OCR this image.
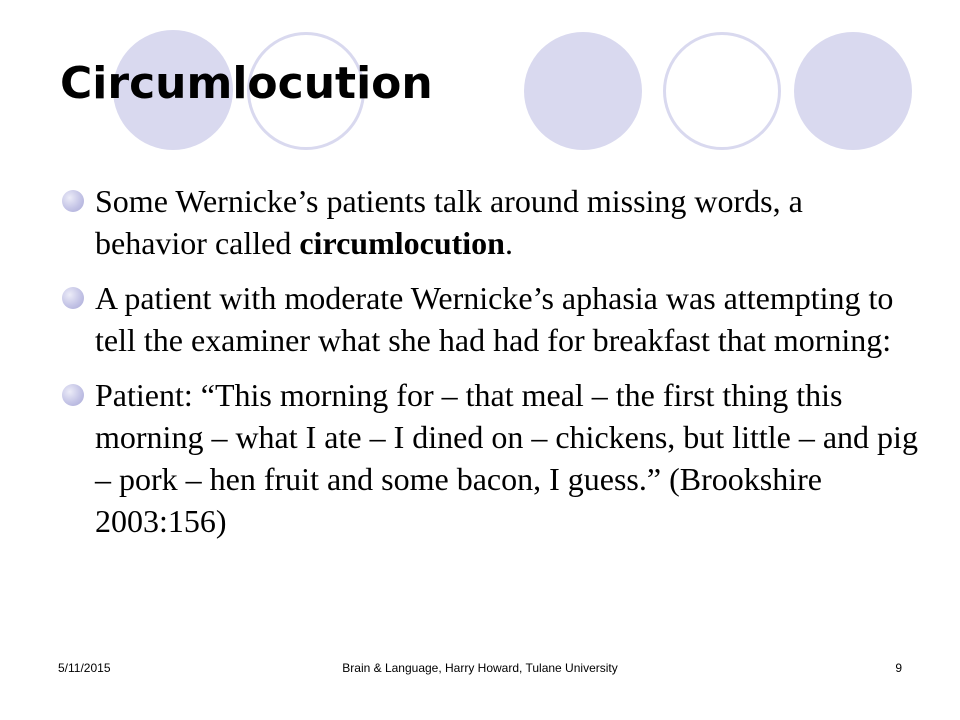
Circumlocution
Some Wernicke’s patients talk around missing words, a behavior called circumlocution.
A patient with moderate Wernicke’s aphasia was attempting to tell the examiner what she had had for breakfast that morning:
Patient: “This morning for – that meal – the first thing this morning – what I ate – I dined on – chickens, but little – and pig – pork – hen fruit and some bacon, I guess.” (Brookshire 2003:156)
5/11/2015	Brain & Language, Harry Howard, Tulane University	9
